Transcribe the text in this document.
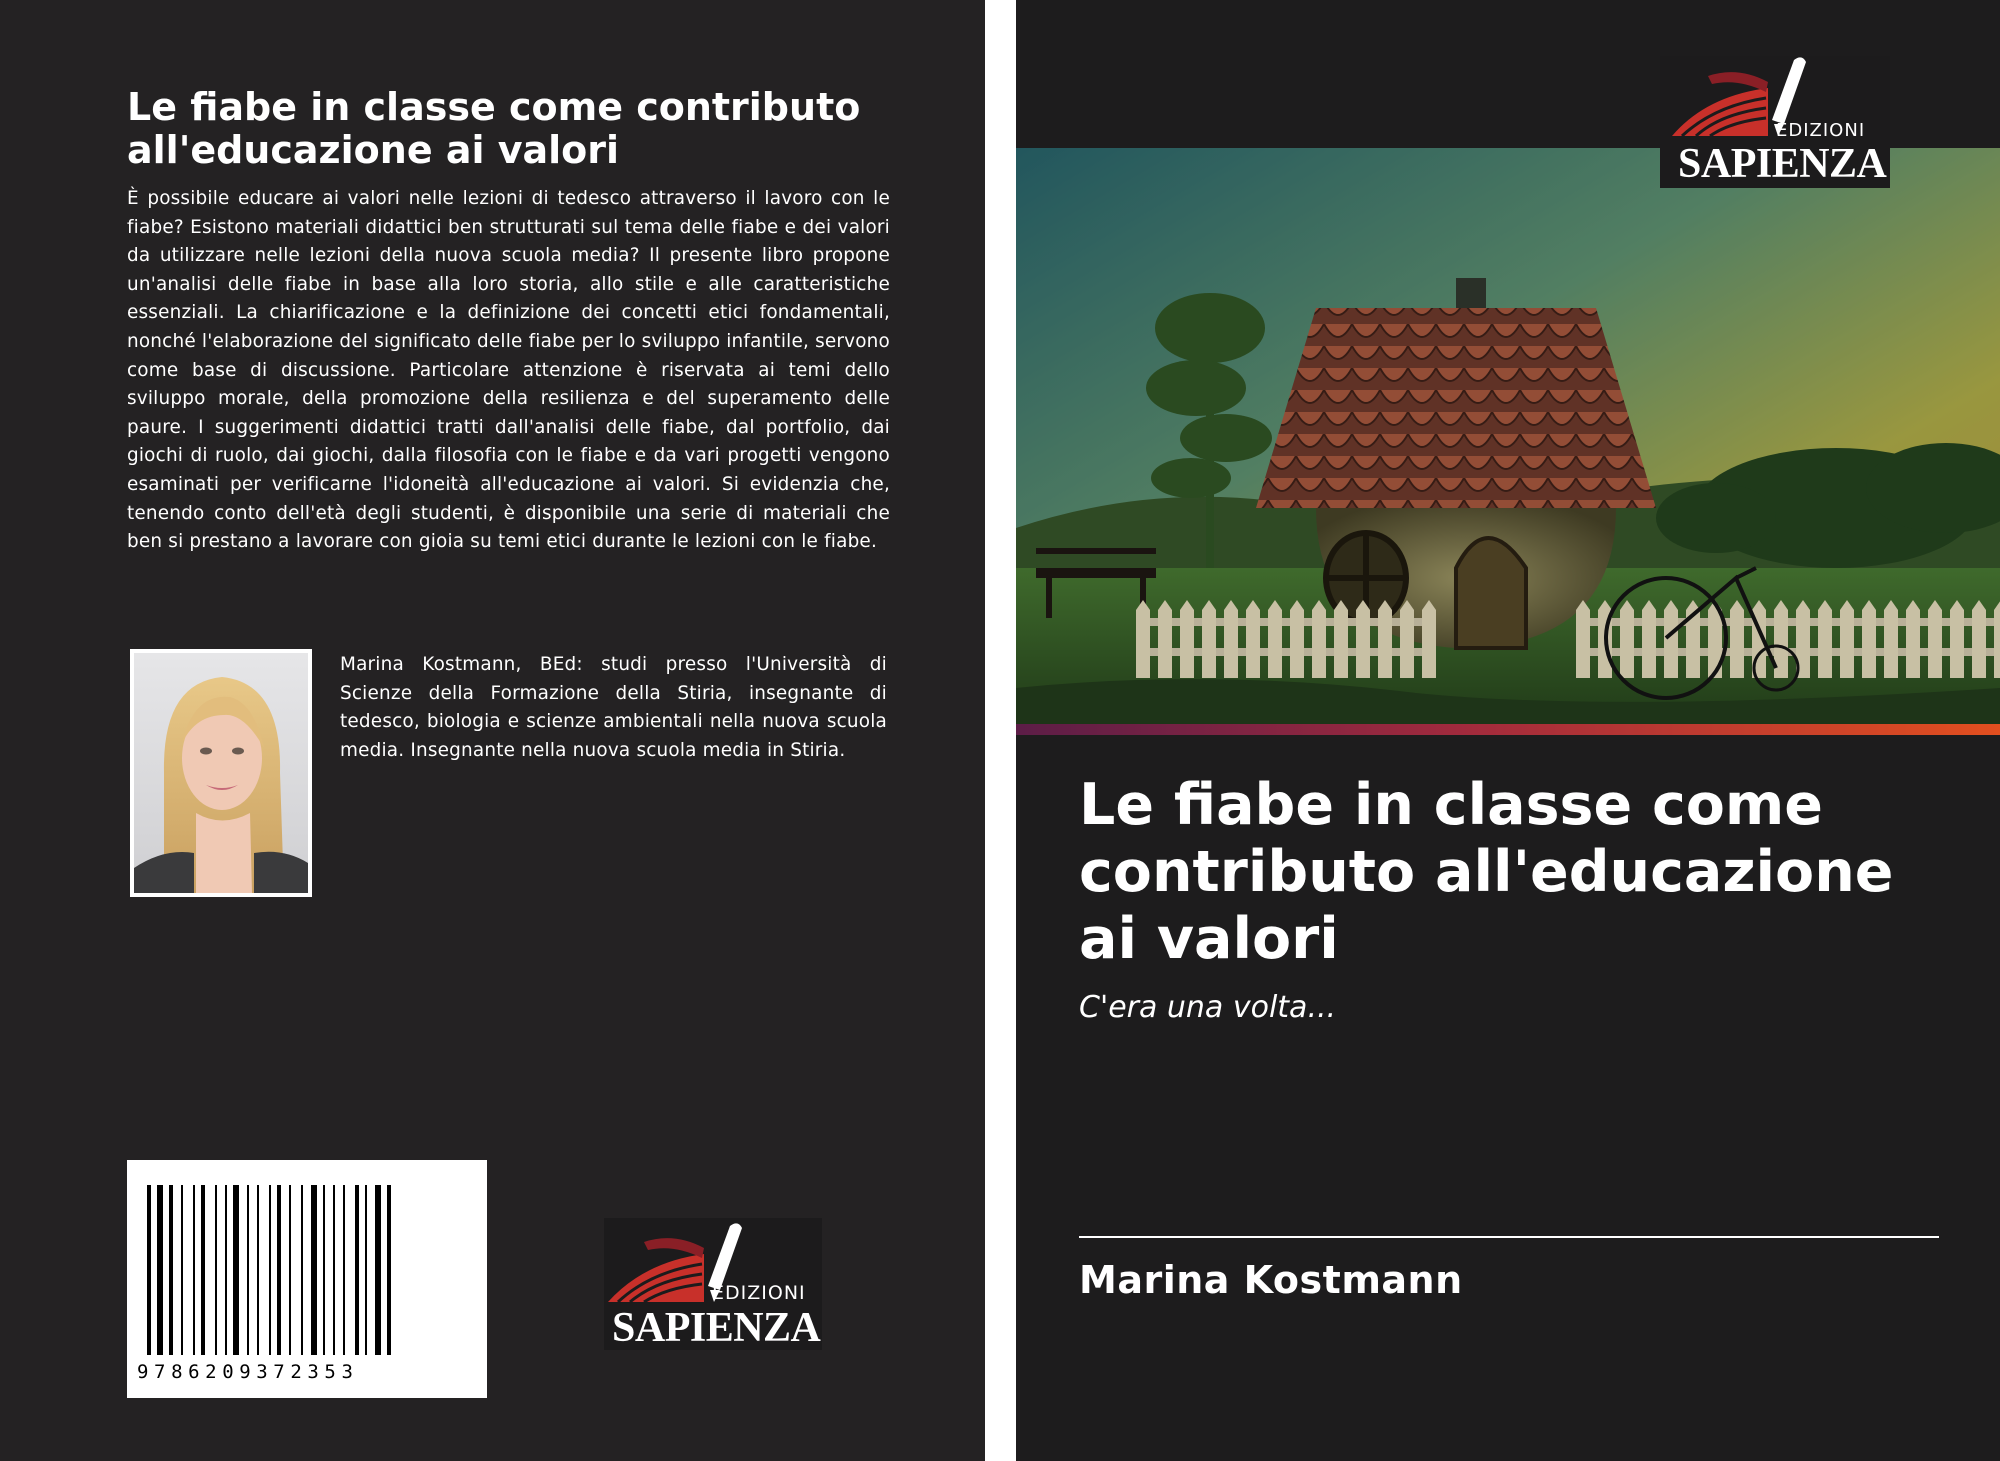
Le fiabe in classe come contributo all'educazione ai valori

È possibile educare ai valori nelle lezioni di tedesco attraverso il lavoro con le fiabe? Esistono materiali didattici ben strutturati sul tema delle fiabe e dei valori da utilizzare nelle lezioni della nuova scuola media? Il presente libro propone un'analisi delle fiabe in base alla loro storia, allo stile e alle caratteristiche essenziali. La chiarificazione e la definizione dei concetti etici fondamentali, nonché l'elaborazione del significato delle fiabe per lo sviluppo infantile, servono come base di discussione. Particolare attenzione è riservata ai temi dello sviluppo morale, della promozione della resilienza e del superamento delle paure. I suggerimenti didattici tratti dall'analisi delle fiabe, dal portfolio, dai giochi di ruolo, dai giochi, dalla filosofia con le fiabe e da vari progetti vengono esaminati per verificarne l'idoneità all'educazione ai valori. Si evidenzia che, tenendo conto dell'età degli studenti, è disponibile una serie di materiali che ben si prestano a lavorare con gioia su temi etici durante le lezioni con le fiabe.

Marina Kostmann, BEd: studi presso l'Università di Scienze della Formazione della Stiria, insegnante di tedesco, biologia e scienze ambientali nella nuova scuola media. Insegnante nella nuova scuola media in Stiria.

9786209372353
EDIZIONI
SAPIENZA
EDIZIONI
SAPIENZA
Le fiabe in classe come contributo all'educazione ai valori
C'era una volta...
Marina Kostmann
